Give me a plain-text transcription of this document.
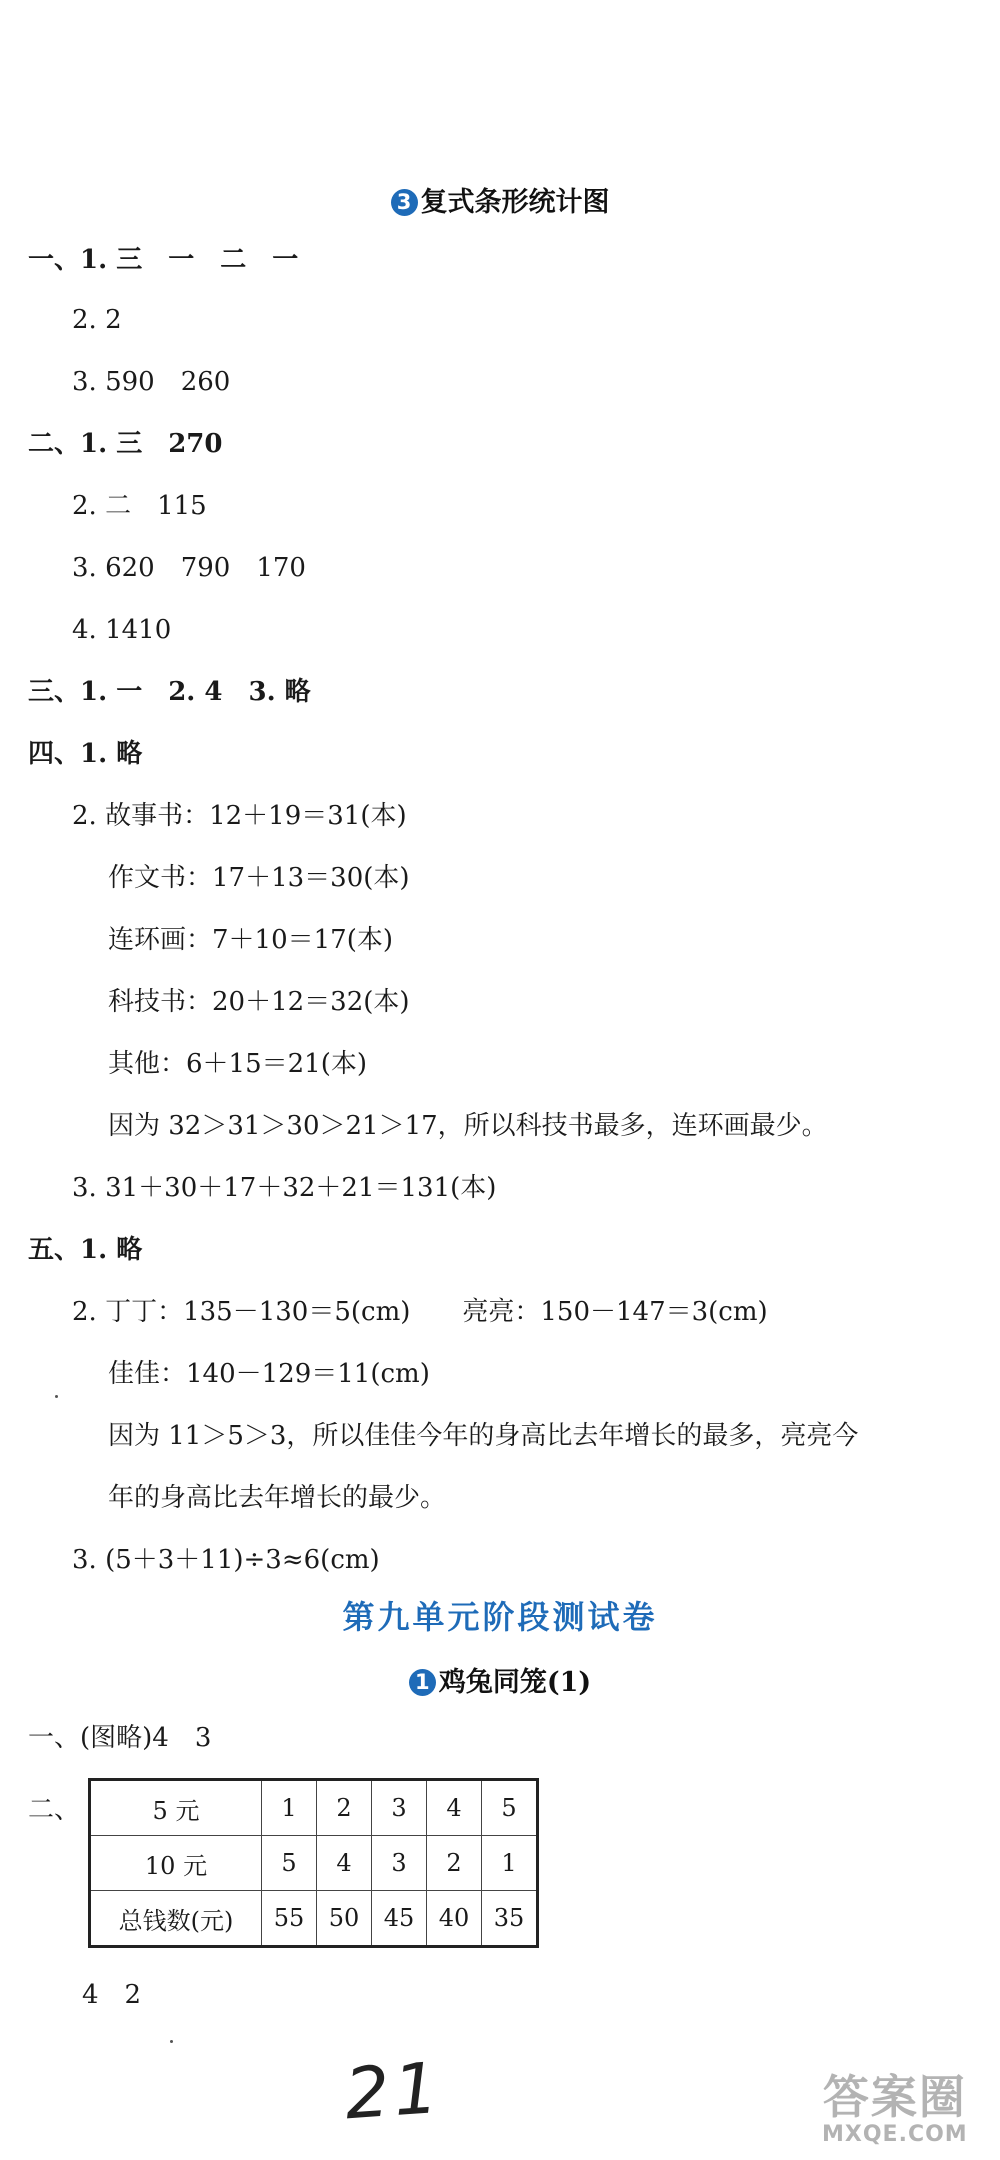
3 复式条形统计图
一、1. 三　一　二　一
2. 2
3. 590　260
二、1. 三　270
2. 二　115
3. 620　790　170
4. 1410
三、1. 一　2. 4　3. 略
四、1. 略
2. 故事书：12＋19＝31(本)
作文书：17＋13＝30(本)
连环画：7＋10＝17(本)
科技书：20＋12＝32(本)
其他：6＋15＝21(本)
因为 32＞31＞30＞21＞17，所以科技书最多，连环画最少。
3. 31＋30＋17＋32＋21＝131(本)
五、1. 略
2. 丁丁：135－130＝5(cm)　　亮亮：150－147＝3(cm)
佳佳：140－129＝11(cm)
因为 11＞5＞3，所以佳佳今年的身高比去年增长的最多，亮亮今
年的身高比去年增长的最少。
3. (5＋3＋11)÷3≈6(cm)
第九单元阶段测试卷
1 鸡兔同笼(1)
一、(图略)4　3
二、	5 元	1	2	3	4	5
10 元	5	4	3	2	1
总钱数(元)	55	50	45	40	35
4　2
21	答案圈
MXQE.COM
